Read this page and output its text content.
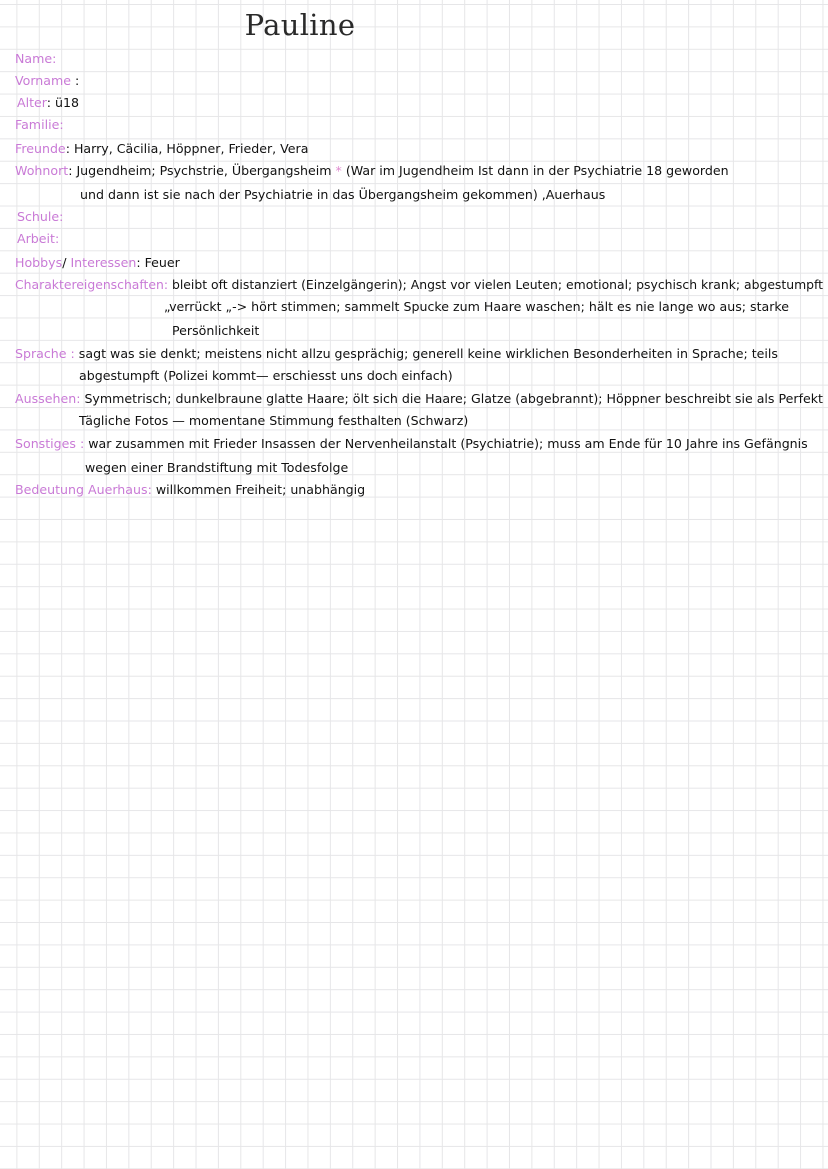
Pauline
Name:
Vorname :
Alter: ü18
Familie:
Freunde: Harry, Cäcilia, Höppner, Frieder, Vera
Wohnort: Jugendheim; Psychstrie, Übergangsheim * (War im Jugendheim Ist dann in der Psychiatrie 18 geworden
und dann ist sie nach der Psychiatrie in das Übergangsheim gekommen) ,Auerhaus
Schule:
Arbeit:
Hobbys/ Interessen: Feuer
Charaktereigenschaften: bleibt oft distanziert (Einzelgängerin); Angst vor vielen Leuten; emotional; psychisch krank; abgestumpft
„verrückt „-> hört stimmen; sammelt Spucke zum Haare waschen; hält es nie lange wo aus; starke
Persönlichkeit
Sprache : sagt was sie denkt; meistens nicht allzu gesprächig; generell keine wirklichen Besonderheiten in Sprache; teils
abgestumpft (Polizei kommt— erschiesst uns doch einfach)
Aussehen: Symmetrisch; dunkelbraune glatte Haare; ölt sich die Haare; Glatze (abgebrannt); Höppner beschreibt sie als Perfekt
Tägliche Fotos — momentane Stimmung festhalten (Schwarz)
Sonstiges : war zusammen mit Frieder Insassen der Nervenheilanstalt (Psychiatrie); muss am Ende für 10 Jahre ins Gefängnis
wegen einer Brandstiftung mit Todesfolge
Bedeutung Auerhaus: willkommen Freiheit; unabhängig
